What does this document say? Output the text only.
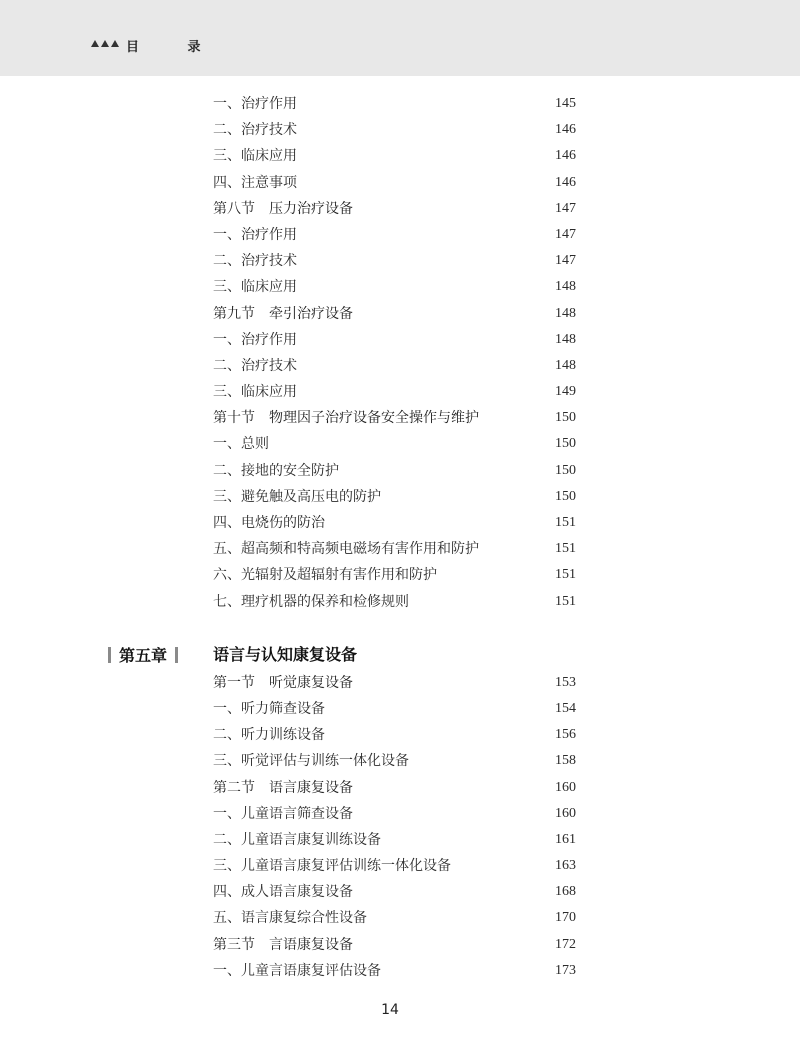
目 录
一、治疗作用	145
二、治疗技术	146
三、临床应用	146
四、注意事项	146
第八节　压力治疗设备	147
一、治疗作用	147
二、治疗技术	147
三、临床应用	148
第九节　牵引治疗设备	148
一、治疗作用	148
二、治疗技术	148
三、临床应用	149
第十节　物理因子治疗设备安全操作与维护	150
一、总则	150
二、接地的安全防护	150
三、避免触及高压电的防护	150
四、电烧伤的防治	151
五、超高频和特高频电磁场有害作用和防护	151
六、光辐射及超辐射有害作用和防护	151
七、理疗机器的保养和检修规则	151
第五章	语言与认知康复设备
第一节　听觉康复设备	153
一、听力筛查设备	154
二、听力训练设备	156
三、听觉评估与训练一体化设备	158
第二节　语言康复设备	160
一、儿童语言筛查设备	160
二、儿童语言康复训练设备	161
三、儿童语言康复评估训练一体化设备	163
四、成人语言康复设备	168
五、语言康复综合性设备	170
第三节　言语康复设备	172
一、儿童言语康复评估设备	173
14
